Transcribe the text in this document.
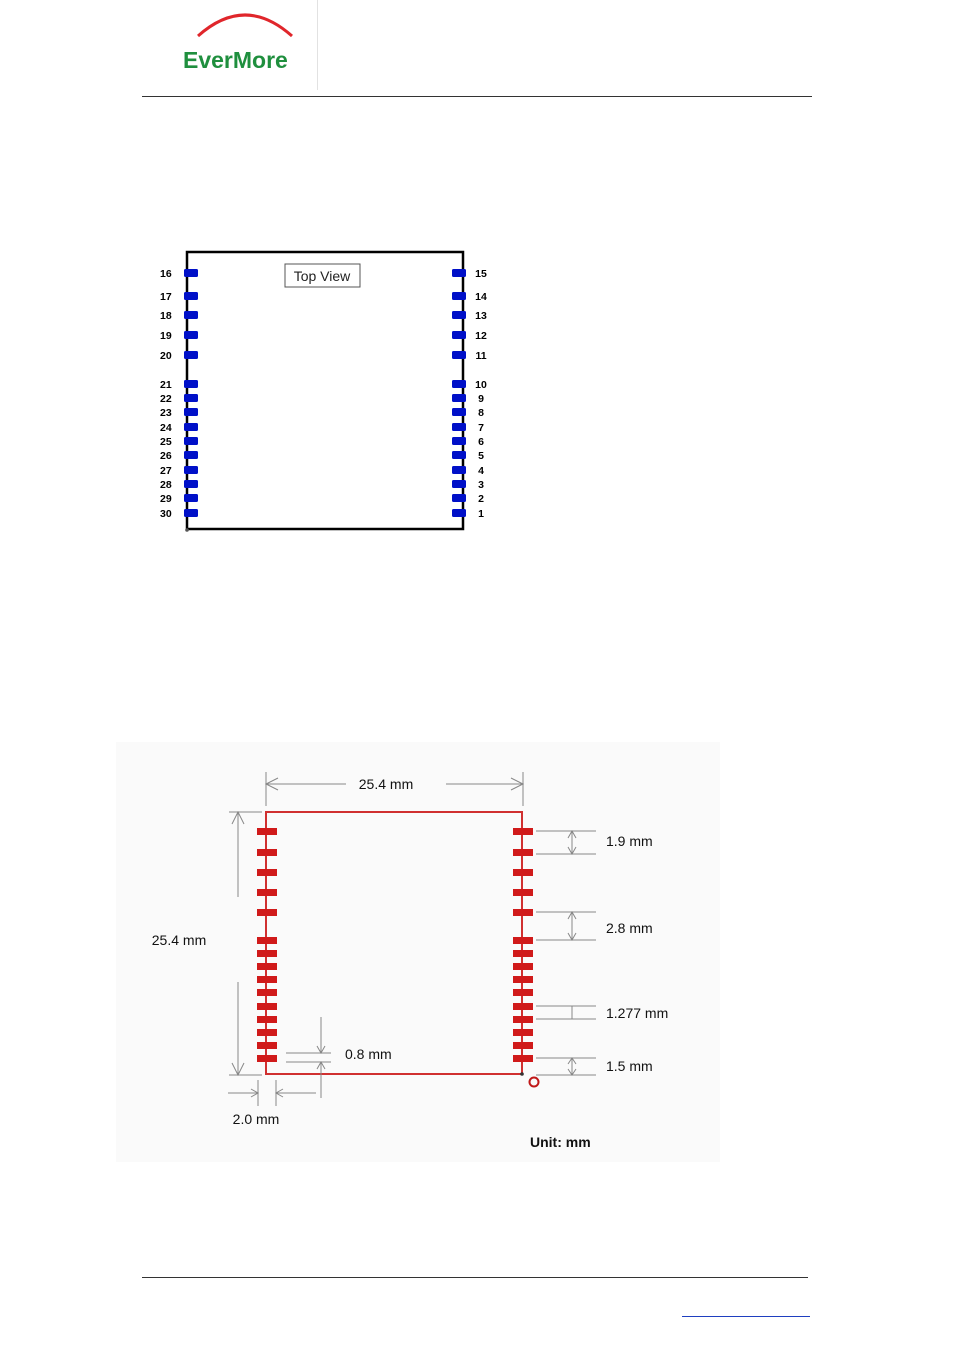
EverMore
Top View
16
17
18
19
20
21
22
23
24
25
26
27
28
29
30
15
14
13
12
11
10
9
8
7
6
5
4
3
2
1
25.4 mm
25.4 mm
1.9 mm
2.8 mm
1.277 mm
1.5 mm
0.8 mm
2.0 mm
Unit: mm
